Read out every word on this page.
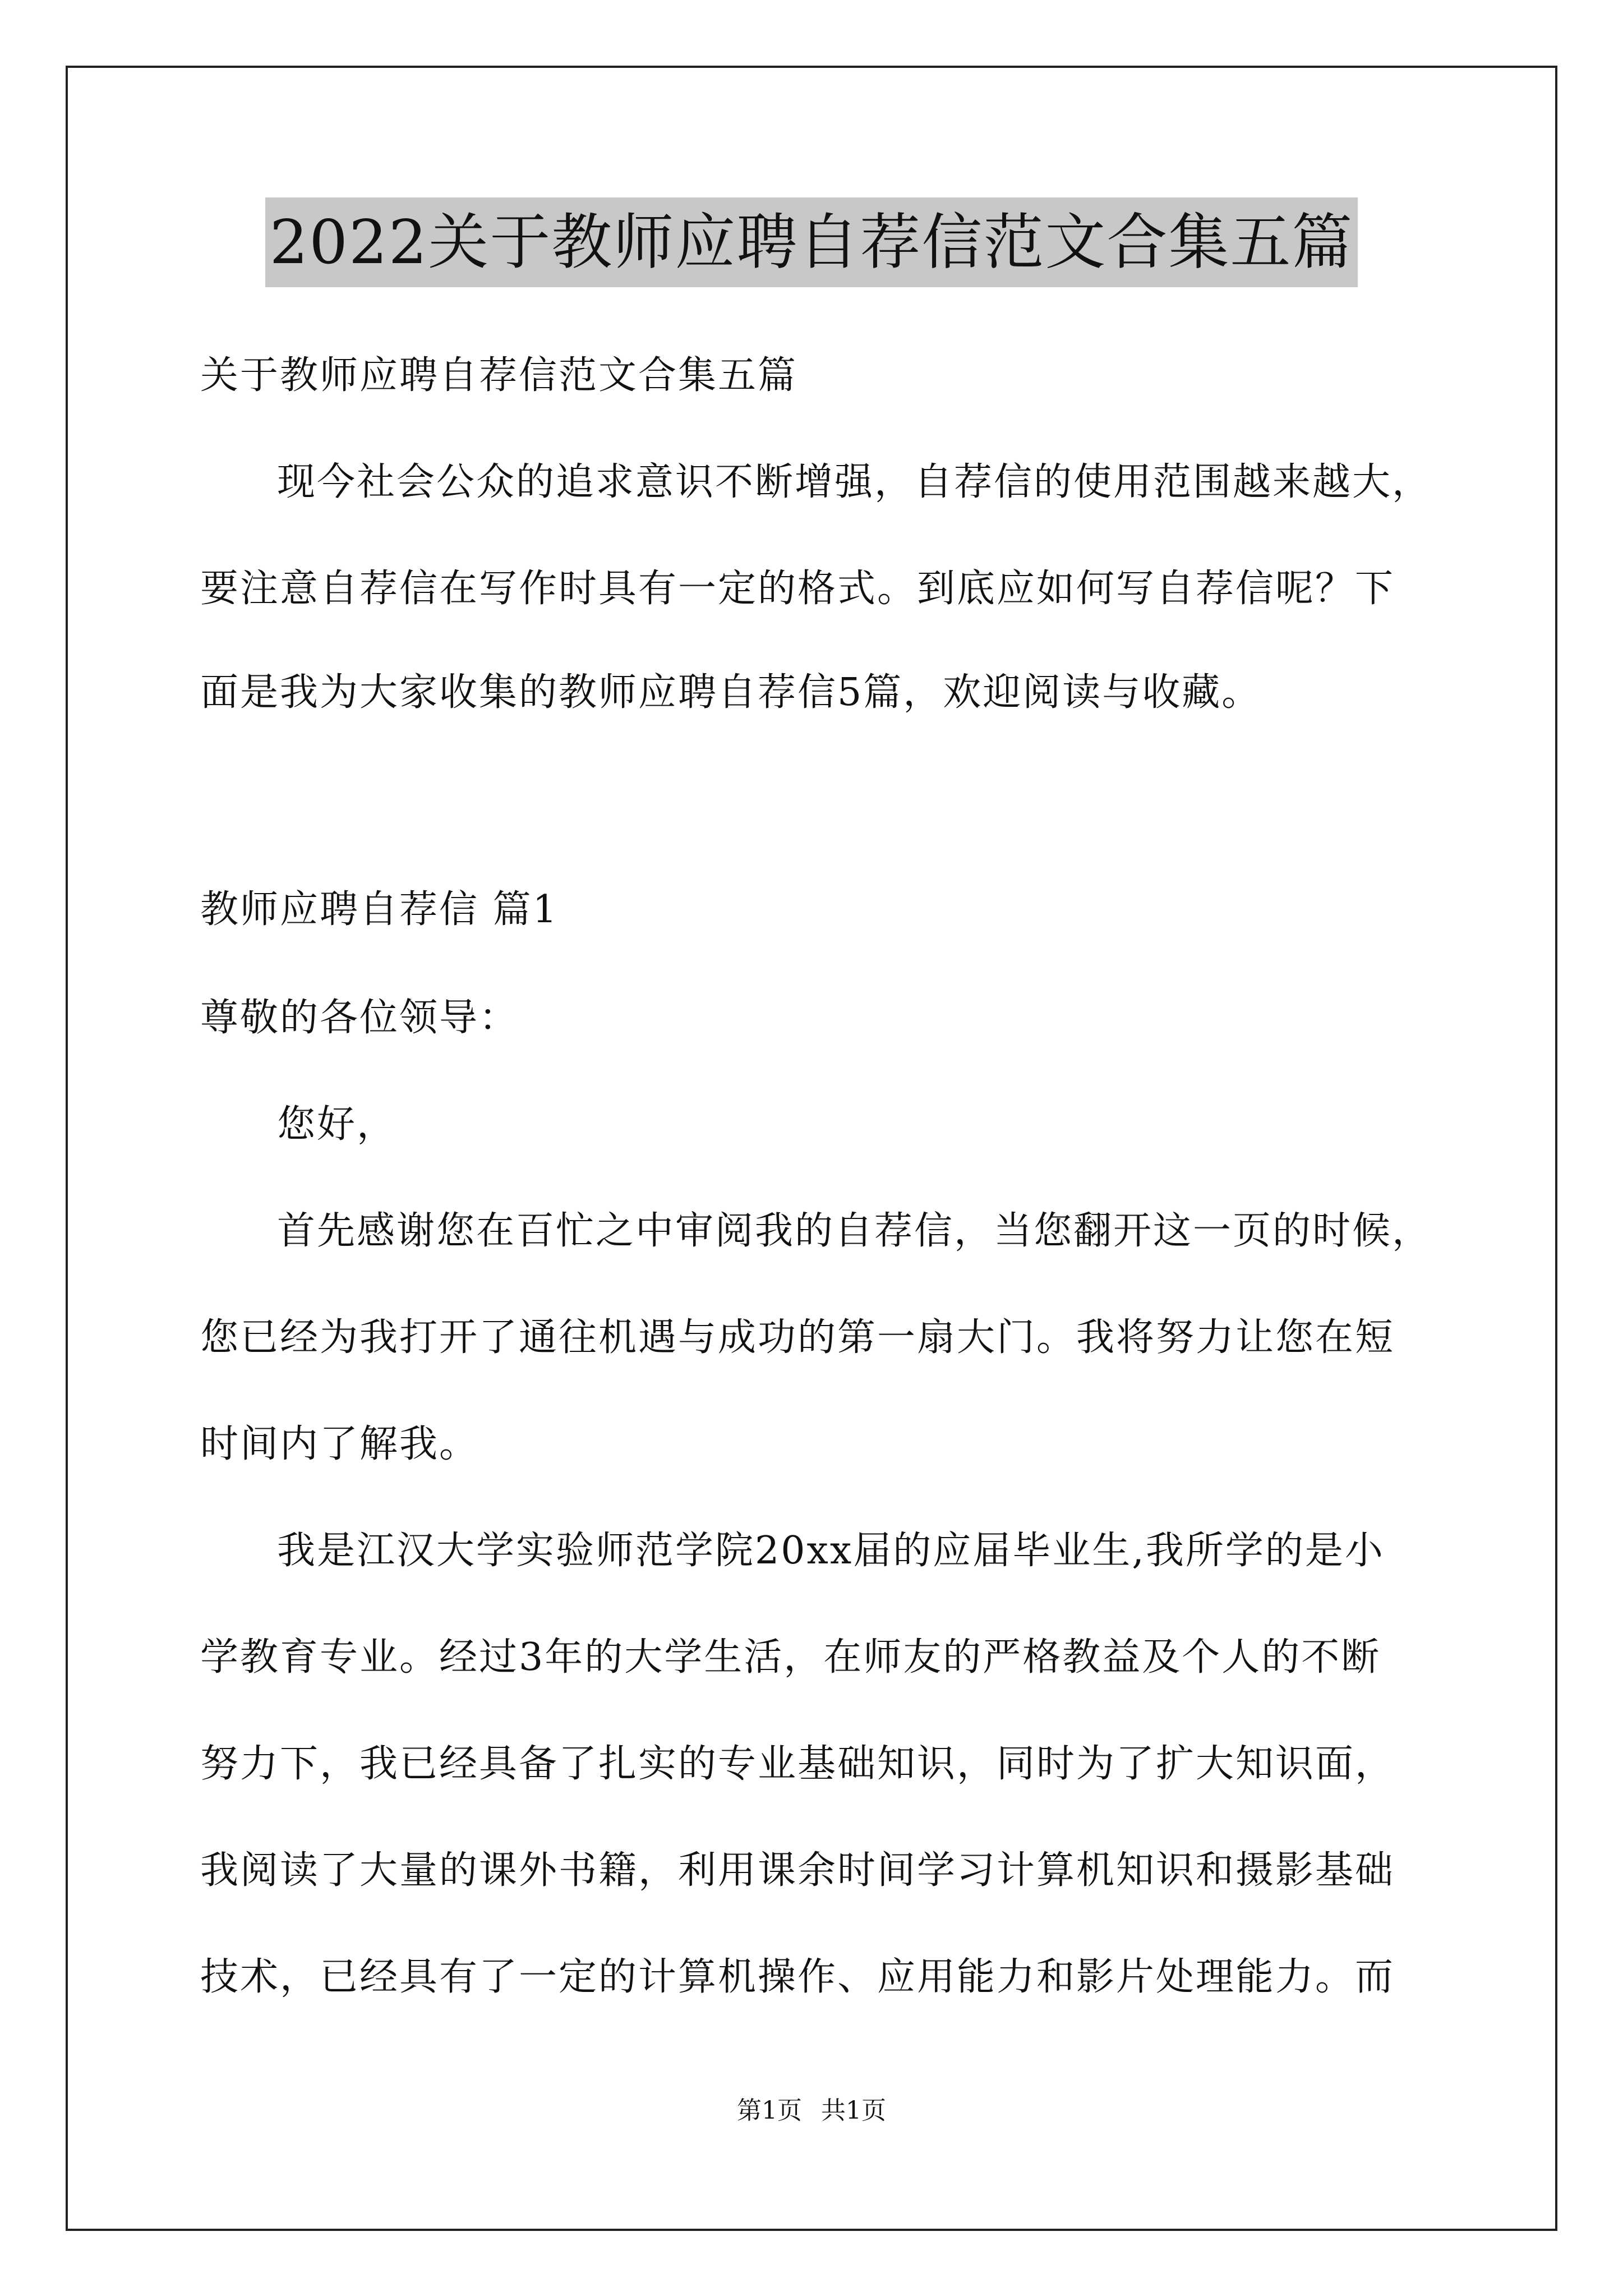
2022关于教师应聘自荐信范文合集五篇
关于教师应聘自荐信范文合集五篇
现今社会公众的追求意识不断增强，自荐信的使用范围越来越大，
要注意自荐信在写作时具有一定的格式。到底应如何写自荐信呢？下
面是我为大家收集的教师应聘自荐信5篇，欢迎阅读与收藏。
教师应聘自荐信 篇1
尊敬的各位领导：
您好，
首先感谢您在百忙之中审阅我的自荐信，当您翻开这一页的时候，
您已经为我打开了通往机遇与成功的第一扇大门。我将努力让您在短
时间内了解我。
我是江汉大学实验师范学院20xx届的应届毕业生,我所学的是小
学教育专业。经过3年的大学生活，在师友的严格教益及个人的不断
努力下，我已经具备了扎实的专业基础知识，同时为了扩大知识面，
我阅读了大量的课外书籍，利用课余时间学习计算机知识和摄影基础
技术，已经具有了一定的计算机操作、应用能力和影片处理能力。而
第1页 共1页
